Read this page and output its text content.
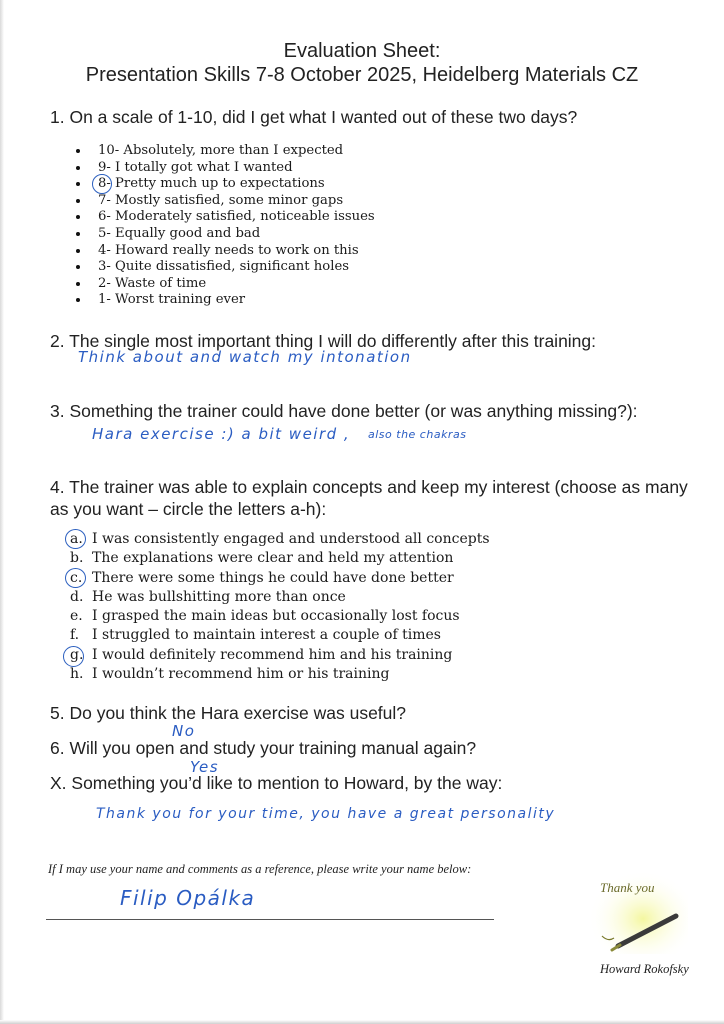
Evaluation Sheet:
Presentation Skills 7-8 October 2025, Heidelberg Materials CZ
1. On a scale of 1-10, did I get what I wanted out of these two days?
10- Absolutely, more than I expected
9- I totally got what I wanted
8- Pretty much up to expectations
7- Mostly satisfied, some minor gaps
6- Moderately satisfied, noticeable issues
5- Equally good and bad
4- Howard really needs to work on this
3- Quite dissatisfied, significant holes
2- Waste of time
1- Worst training ever
2. The single most important thing I will do differently after this training:
Think about and watch my intonation
3. Something the trainer could have done better (or was anything missing?):
Hara exercise :) a bit weird , also the chakras
4. The trainer was able to explain concepts and keep my interest (choose as many as you want – circle the letters a-h):
a. I was consistently engaged and understood all concepts
b. The explanations were clear and held my attention
c. There were some things he could have done better
d. He was bullshitting more than once
e. I grasped the main ideas but occasionally lost focus
f. I struggled to maintain interest a couple of times
g. I would definitely recommend him and his training
h. I wouldn’t recommend him or his training
5. Do you think the Hara exercise was useful?
No
6. Will you open and study your training manual again?
Yes
X. Something you’d like to mention to Howard, by the way:
Thank you for your time, you have a great personality
If I may use your name and comments as a reference, please write your name below:
Filip Opálka	Thank you
Howard Rokofsky
